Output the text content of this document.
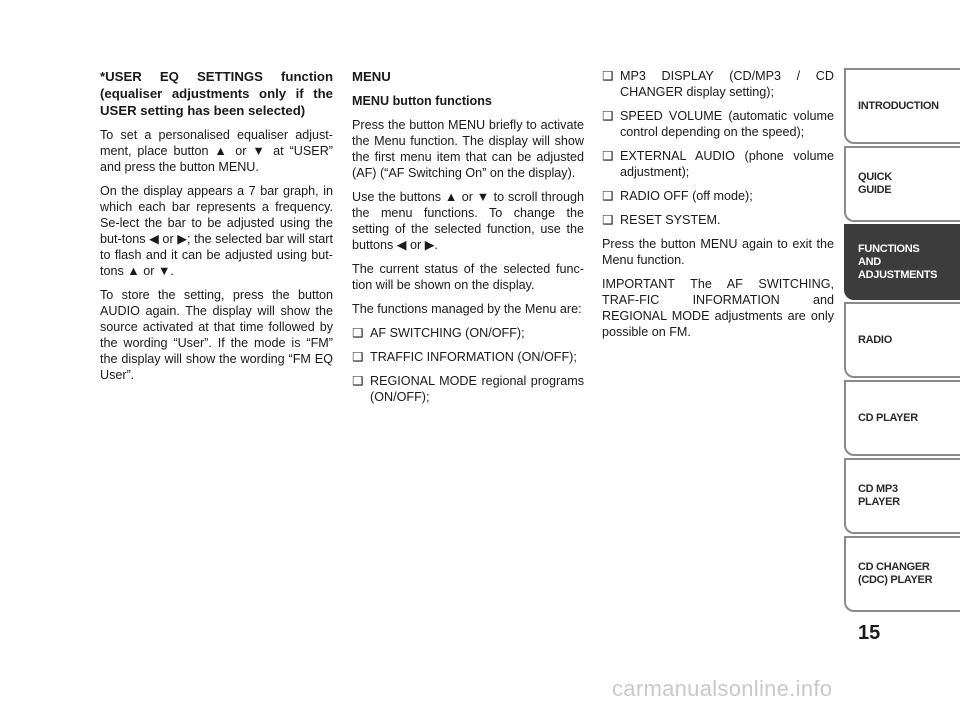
*USER EQ SETTINGS function (equaliser adjustments only if the USER setting has been selected)

To set a personalised equaliser adjust-ment, place button ▲ or ▼ at “USER” and press the button MENU.

On the display appears a 7 bar graph, in which each bar represents a frequency. Se-lect the bar to be adjusted using the but-tons ◀ or ▶; the selected bar will start to flash and it can be adjusted using but-tons ▲ or ▼.

To store the setting, press the button AUDIO again. The display will show the source activated at that time followed by the wording “User”. If the mode is “FM” the display will show the wording “FM EQ User”.

MENU

MENU button functions

Press the button MENU briefly to activate the Menu function. The display will show the first menu item that can be adjusted (AF) (“AF Switching On” on the display).

Use the buttons ▲ or ▼ to scroll through the menu functions. To change the setting of the selected function, use the buttons ◀ or ▶.

The current status of the selected func-tion will be shown on the display.

The functions managed by the Menu are:

❑ AF SWITCHING (ON/OFF);
❑ TRAFFIC INFORMATION (ON/OFF);
❑ REGIONAL MODE regional programs (ON/OFF);
❑ MP3 DISPLAY (CD/MP3 / CD CHANGER display setting);
❑ SPEED VOLUME (automatic volume control depending on the speed);
❑ EXTERNAL AUDIO (phone volume adjustment);
❑ RADIO OFF (off mode);
❑ RESET SYSTEM.

Press the button MENU again to exit the Menu function.

IMPORTANT The AF SWITCHING, TRAF-FIC INFORMATION and REGIONAL MODE adjustments are only possible on FM.

INTRODUCTION
QUICK
GUIDE
FUNCTIONS
AND
ADJUSTMENTS
RADIO
CD PLAYER
CD MP3
PLAYER
CD CHANGER
(CDC) PLAYER
15
carmanualsonline.info
